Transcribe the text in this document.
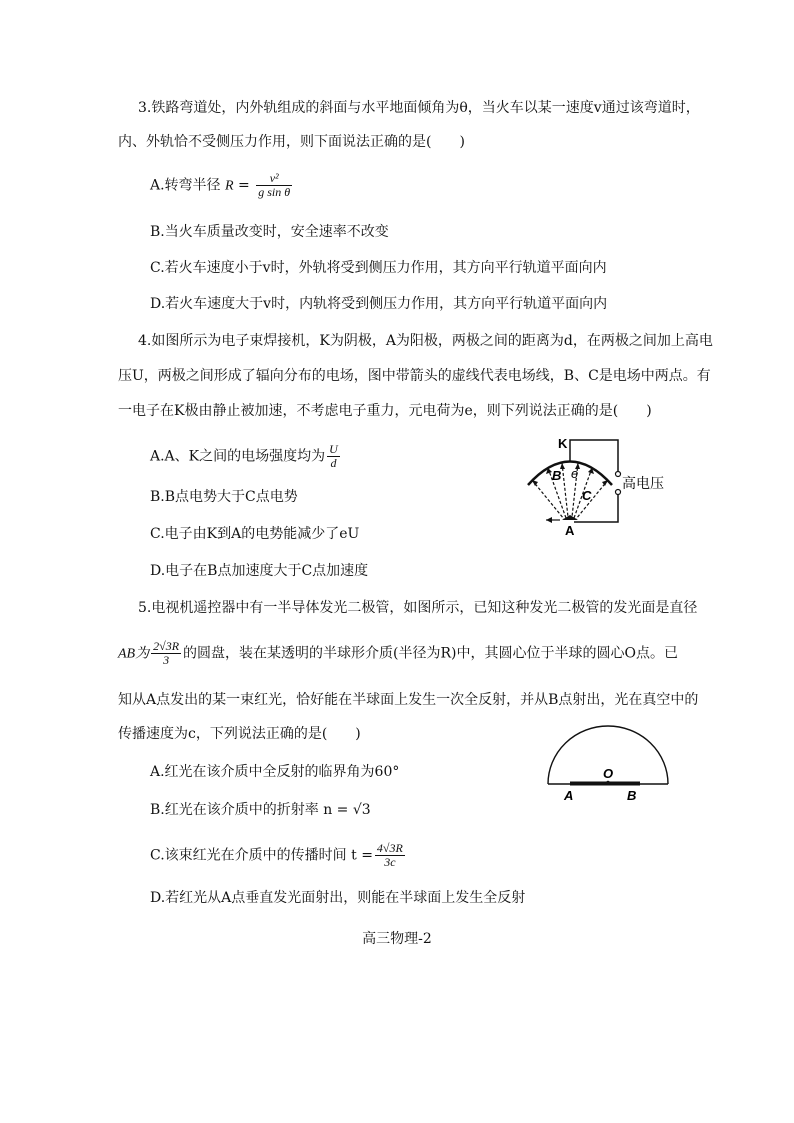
3.铁路弯道处，内外轨组成的斜面与水平地面倾角为θ，当火车以某一速度v通过该弯道时，
内、外轨恰不受侧压力作用，则下面说法正确的是(　　)
A.转弯半径 $R = \frac{\text{v²}}{\text{g sin θ}}$
B.当火车质量改变时，安全速率不改变
C.若火车速度小于v时，外轨将受到侧压力作用，其方向平行轨道平面向内
D.若火车速度大于v时，内轨将受到侧压力作用，其方向平行轨道平面向内
4.如图所示为电子束焊接机，K为阴极，A为阳极，两极之间的距离为d，在两极之间加上高电
压U，两极之间形成了辐向分布的电场，图中带箭头的虚线代表电场线，B、C是电场中两点。有
一电子在K极由静止被加速，不考虑电子重力，元电荷为e，则下列说法正确的是(　　)
A.A、K之间的电场强度均为 $\frac{U}{d}$
B.B点电势大于C点电势
C.电子由K到A的电势能减少了eU
D.电子在B点加速度大于C点加速度
K
A
B e
C
高电压
5.电视机遥控器中有一半导体发光二极管，如图所示，已知这种发光二极管的发光面是直径
AB为 $\frac{2√3R}{3}$ 的圆盘，装在某透明的半球形介质(半径为R)中，其圆心位于半球的圆心O点。已
知从A点发出的某一束红光，恰好能在半球面上发生一次全反射，并从B点射出，光在真空中的
传播速度为c，下列说法正确的是(　　)
A.红光在该介质中全反射的临界角为60°
B.红光在该介质中的折射率 n = √3
C.该束红光在介质中的传播时间 $t = \frac{4√3R}{3c}$
D.若红光从A点垂直发光面射出，则能在半球面上发生全反射
O
A	B
高三物理-2
